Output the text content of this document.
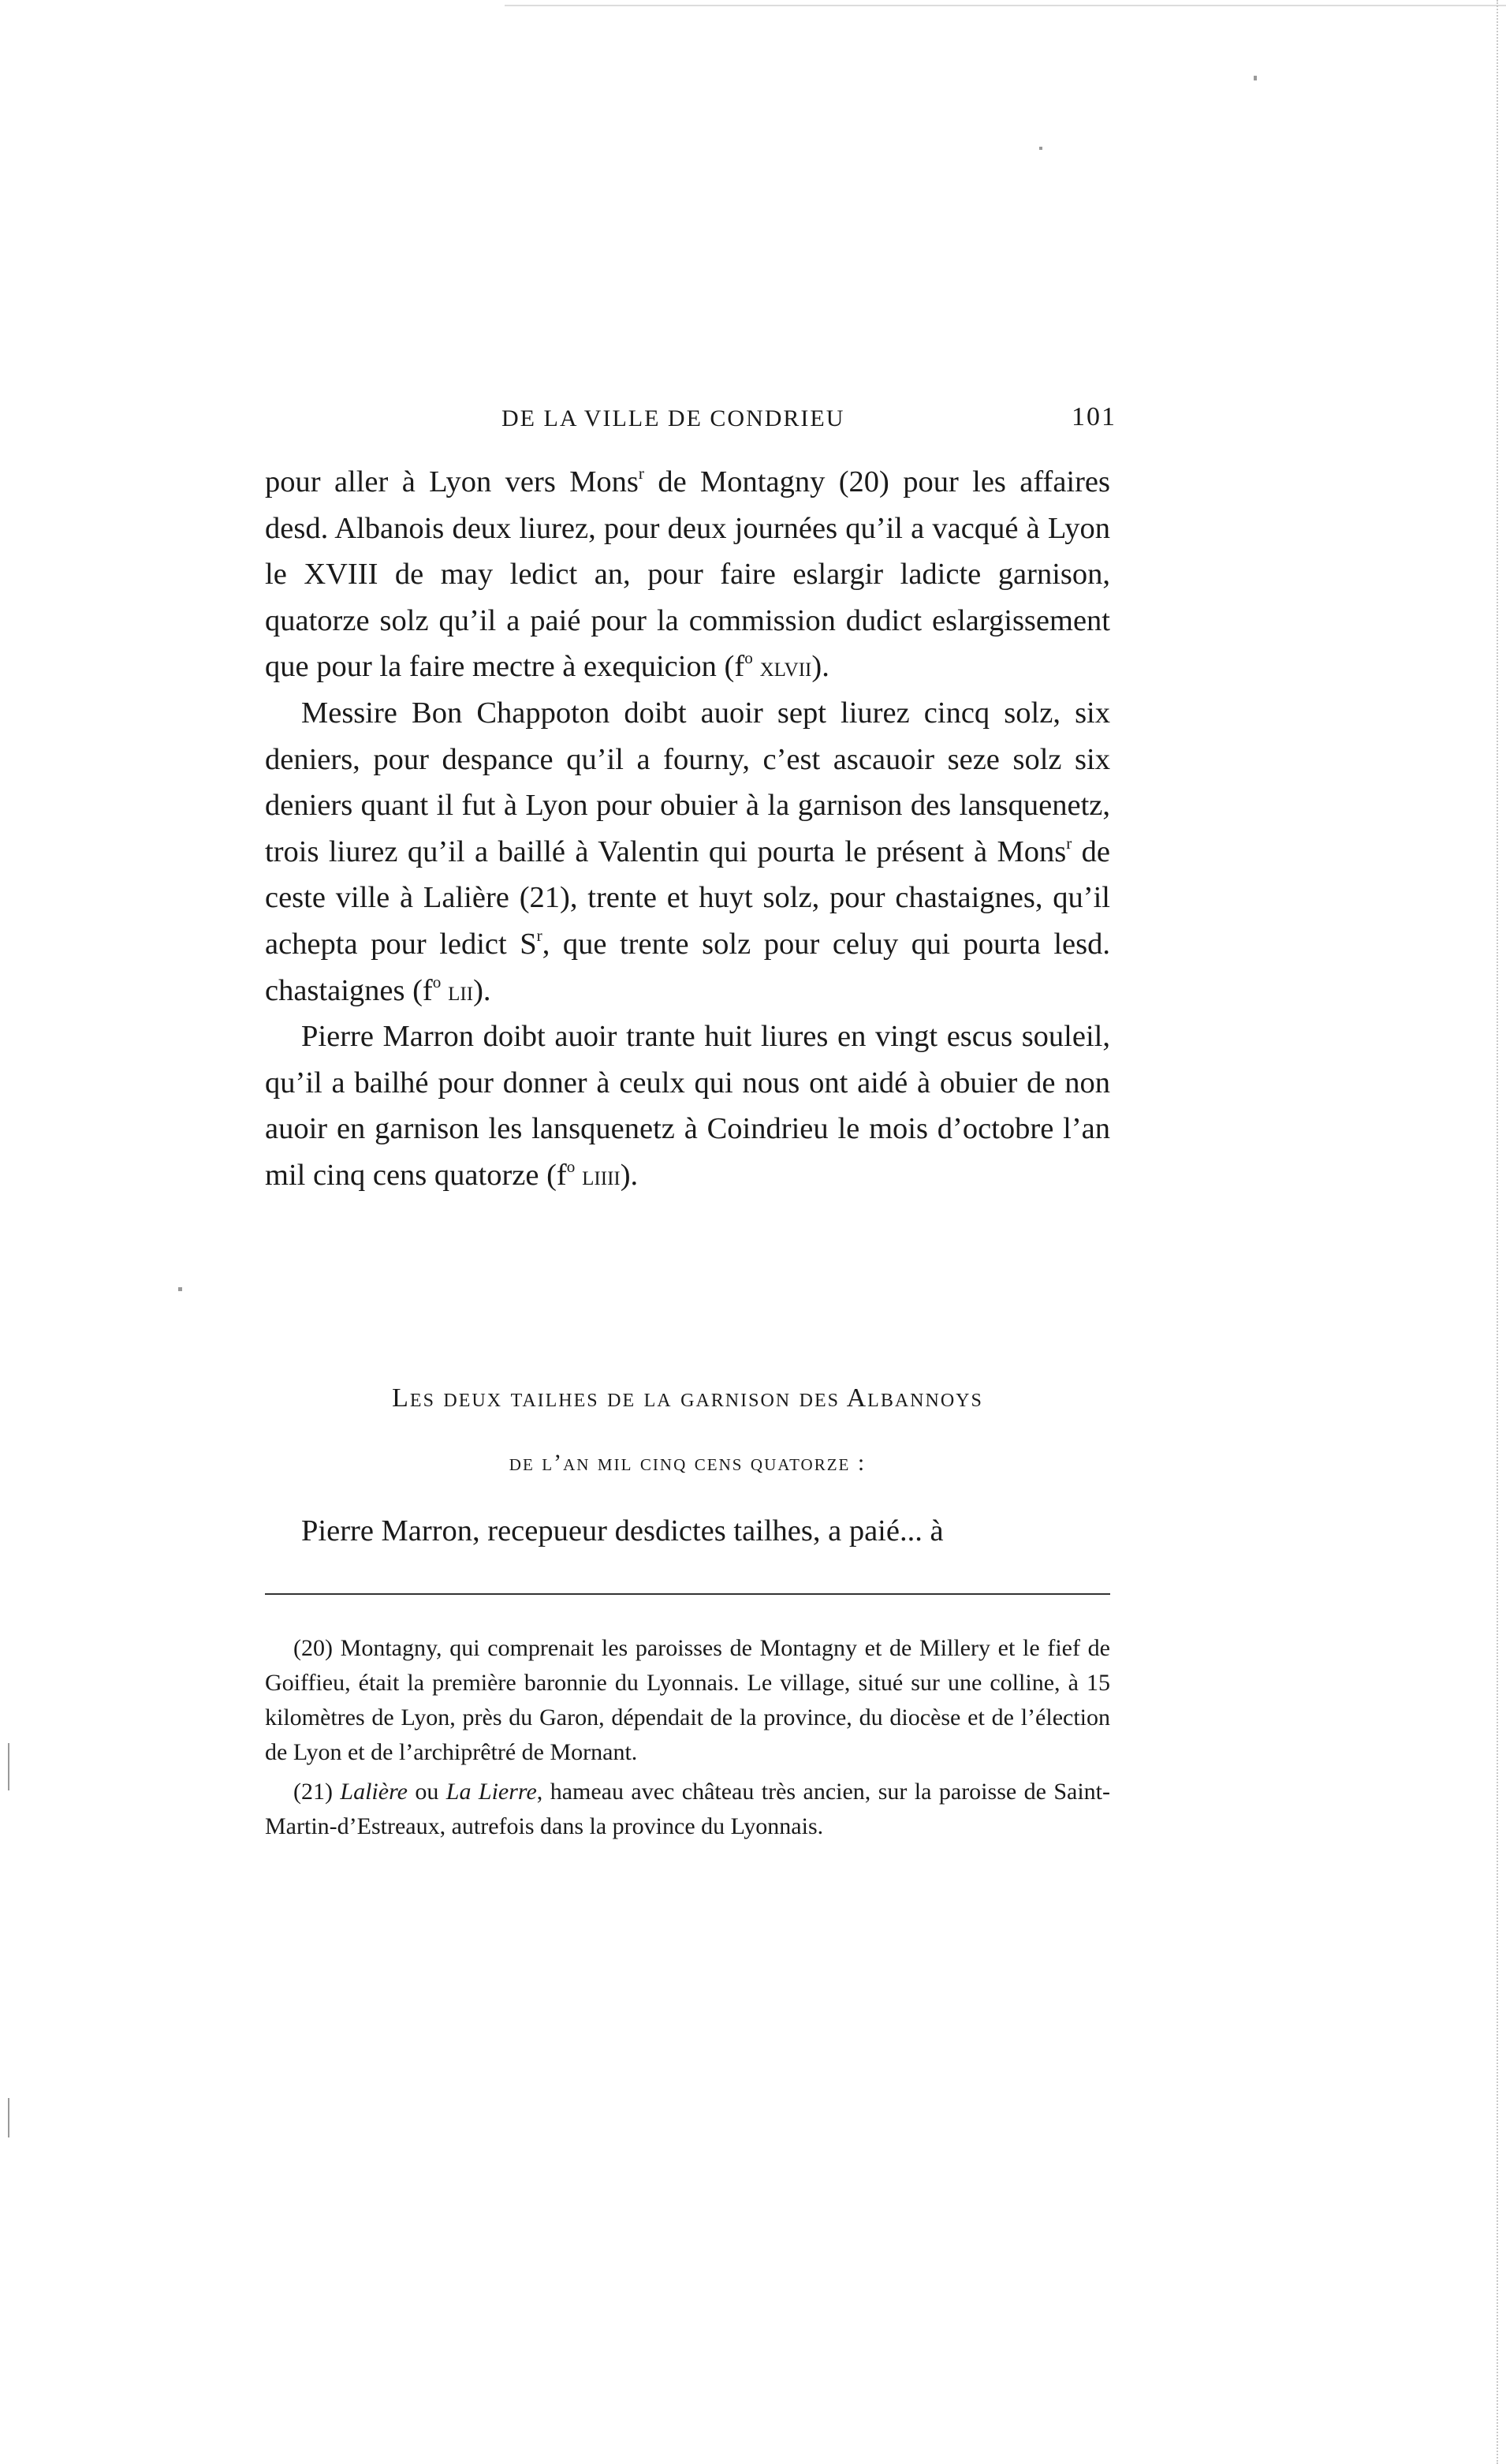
DE LA VILLE DE CONDRIEU	101

pour aller à Lyon vers Mons$^r$ de Montagny (20) pour les affaires desd. Albanois deux liurez, pour deux journées qu’il a vacqué à Lyon le XVIII de may ledict an, pour faire eslargir ladicte garnison, quatorze solz qu’il a paié pour la commission dudict eslargissement que pour la faire mectre à exequicion ($f^o$ xlvii).

Messire Bon Chappoton doibt auoir sept liurez cincq solz, six deniers, pour despance qu’il a fourny, c’est ascauoir seze solz six deniers quant il fut à Lyon pour obuier à la garnison des lansquenetz, trois liurez qu’il a baillé à Valentin qui pourta le présent à Mons$^r$ de ceste ville à Lalière (21), trente et huyt solz, pour chastaignes, qu’il achepta pour ledict $S^r$, que trente solz pour celuy qui pourta lesd. chastaignes ($f^o$ lii).

Pierre Marron doibt auoir trante huit liures en vingt escus souleil, qu’il a bailhé pour donner à ceulx qui nous ont aidé à obuier de non auoir en garnison les lansquenetz à Coindrieu le mois d’octobre l’an mil cinq cens quatorze ($f^o$ liiii).

Les deux tailhes de la garnison des Albannoys
de l’an mil cinq cens quatorze :
Pierre Marron, recepueur desdictes tailhes, a paié... à

(20) Montagny, qui comprenait les paroisses de Montagny et de Millery et le fief de Goiffieu, était la première baronnie du Lyonnais. Le village, situé sur une colline, à 15 kilomètres de Lyon, près du Garon, dépendait de la province, du diocèse et de l’élection de Lyon et de l’archiprêtré de Mornant.

(21) Lalière ou La Lierre, hameau avec château très ancien, sur la paroisse de Saint-Martin-d’Estreaux, autrefois dans la province du Lyonnais.
